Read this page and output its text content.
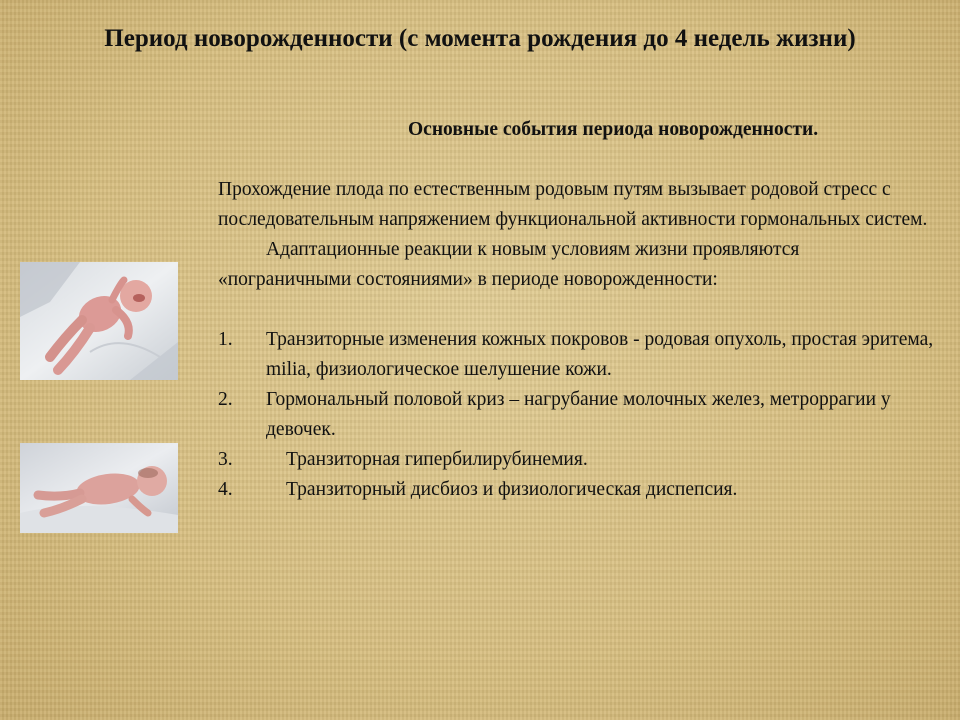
Период новорожденности (с момента рождения до 4 недель жизни)

Основные события периода новорожденности.

Прохождение плода по естественным родовым путям вызывает родовой стресс с

последовательным напряжением функциональной активности гормональных систем.

Адаптационные реакции к новым условиям жизни проявляются

«пограничными состояниями» в периоде новорожденности:

1. Транзиторные изменения кожных покровов - родовая опухоль, простая эритема, milia, физиологическое шелушение кожи.
2. Гормональный половой криз – нагрубание молочных желез, метроррагии у девочек.
3.	Транзиторная гипербилирубинемия.
4.	Транзиторный дисбиоз и физиологическая диспепсия.
